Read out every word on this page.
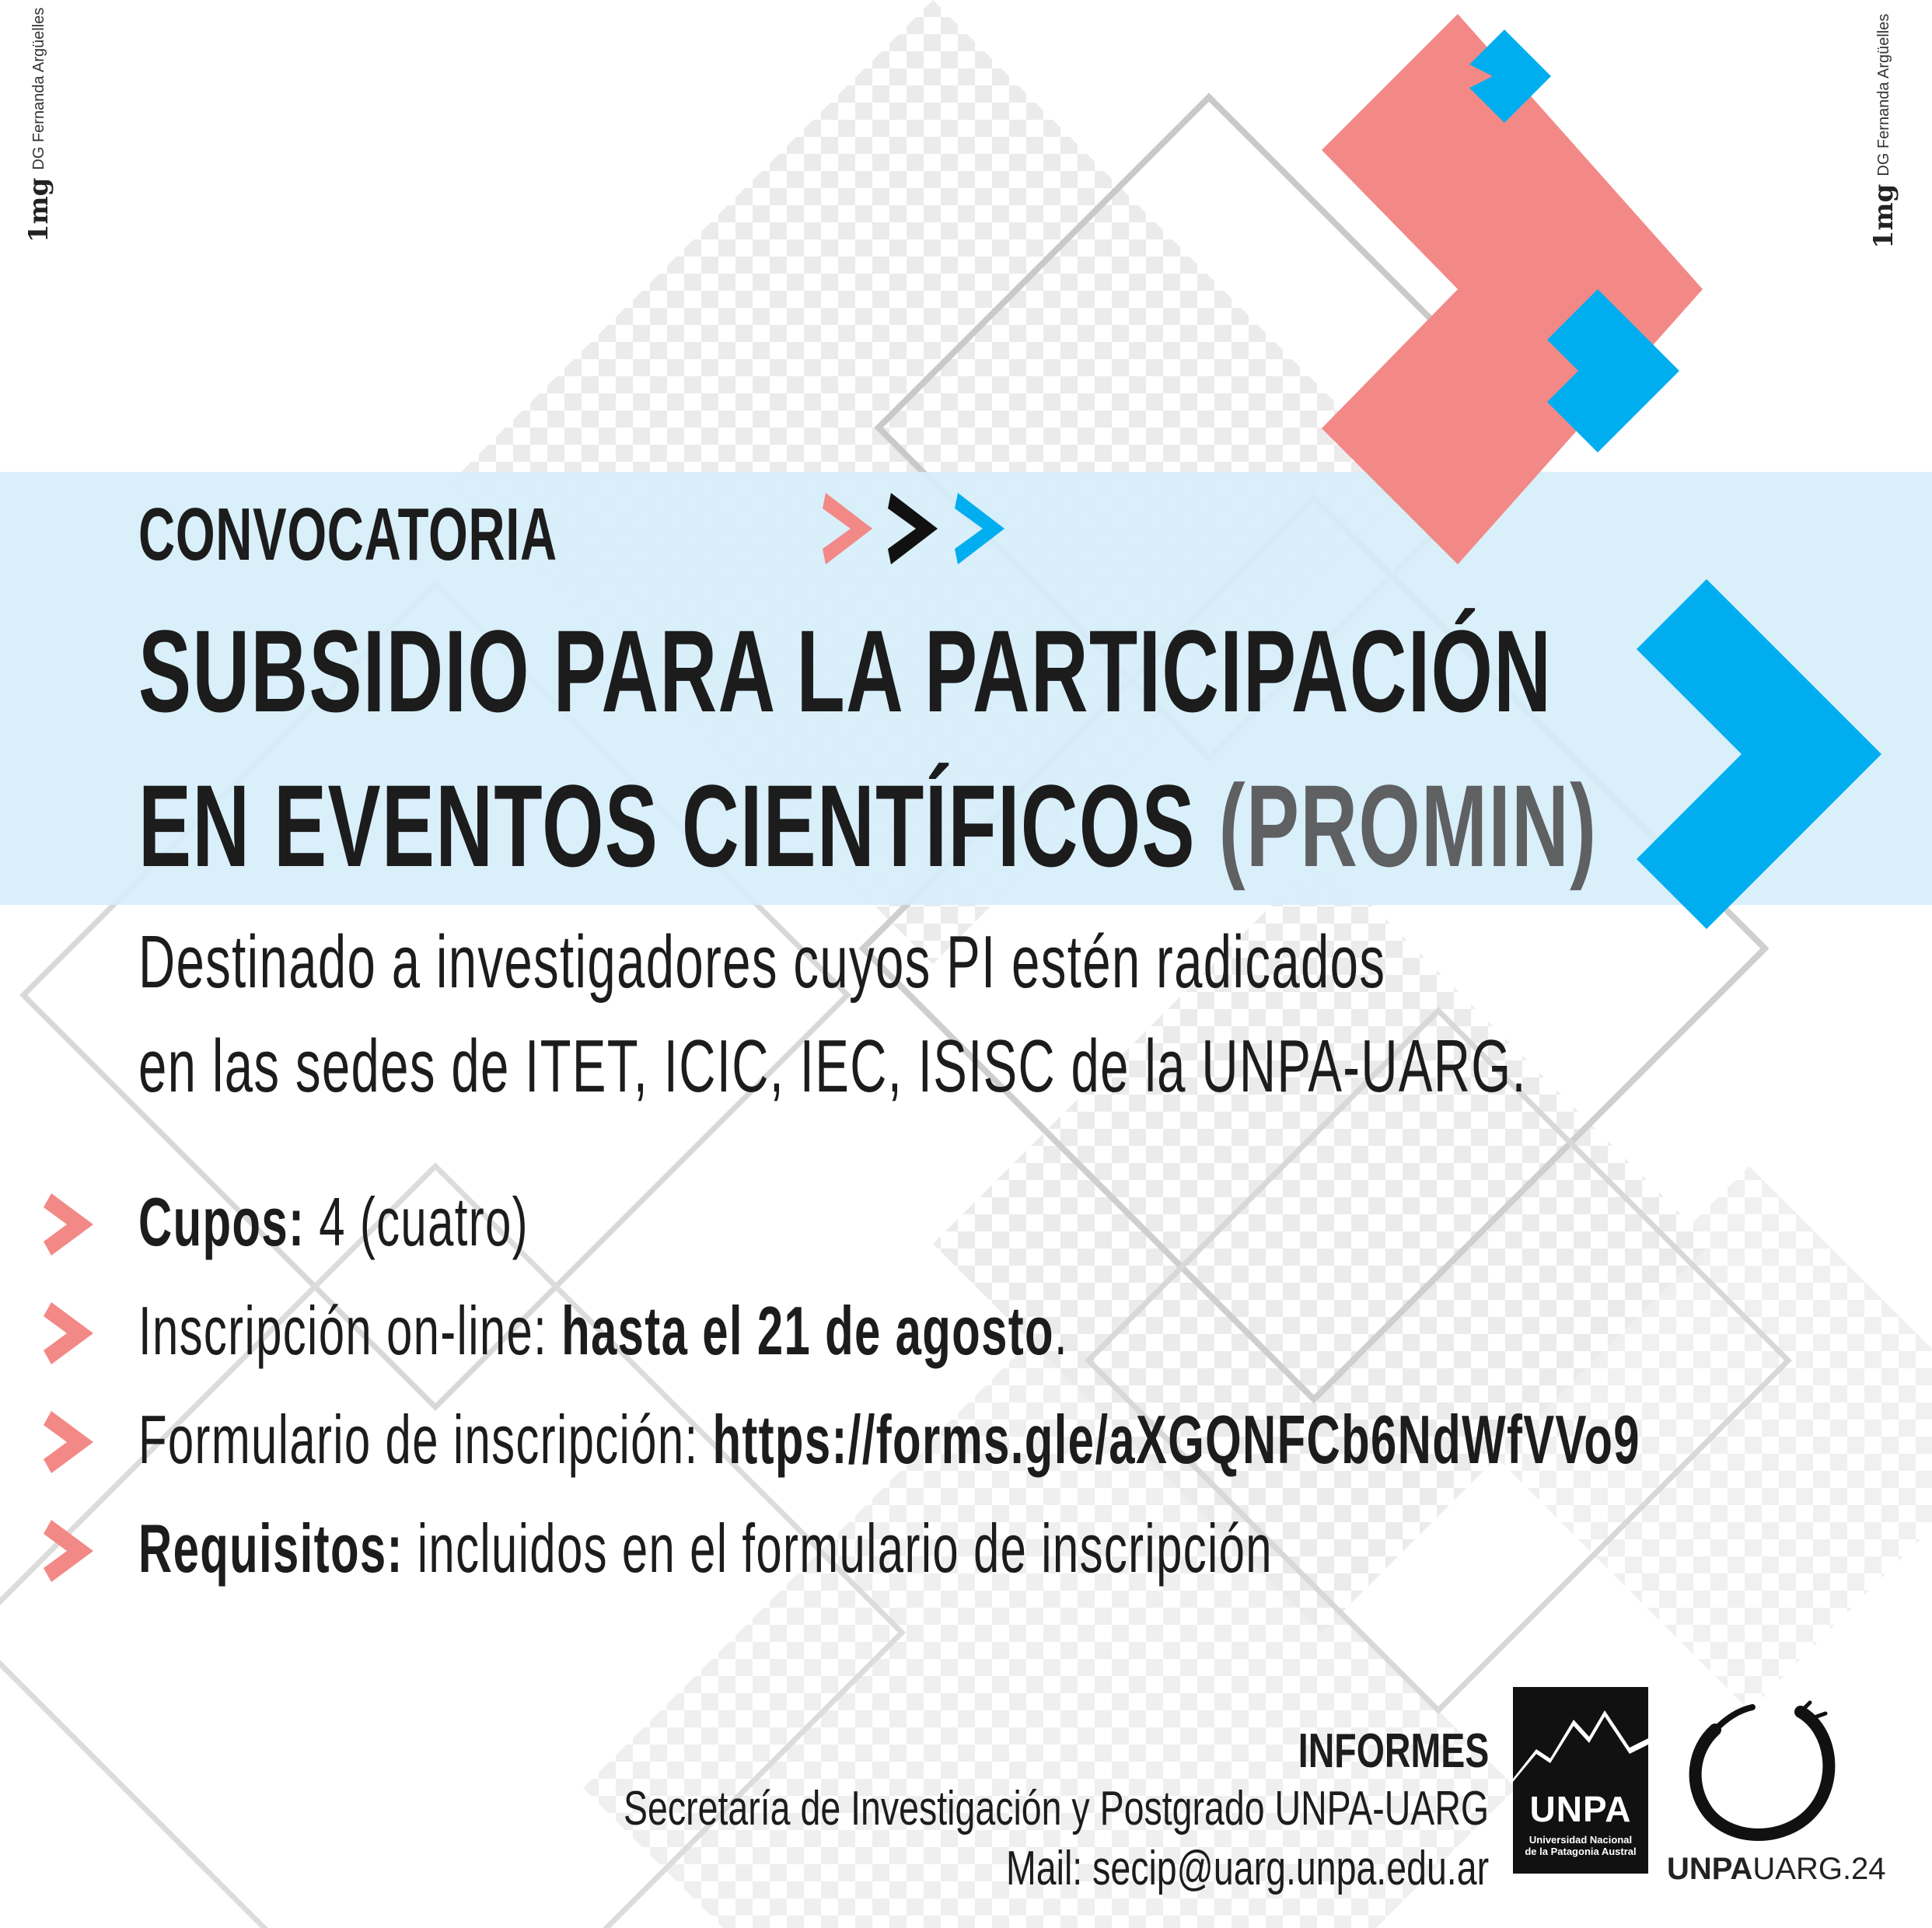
1mg
DG Fernanda Argüelles
1mg
DG Fernanda Argüelles
CONVOCATORIA
SUBSIDIO PARA LA PARTICIPACIÓN
EN EVENTOS CIENTÍFICOS (PROMIN)
Destinado a investigadores cuyos PI estén radicados
en las sedes de ITET, ICIC, IEC, ISISC de la UNPA-UARG.
Cupos: 4 (cuatro)
Inscripción on-line: hasta el 21 de agosto.
Formulario de inscripción: https://forms.gle/aXGQNFCb6NdWfVVo9
Requisitos: incluidos en el formulario de inscripción
INFORMES
Secretaría de Investigación y Postgrado UNPA-UARG
Mail: secip@uarg.unpa.edu.ar
UNPA
Universidad Nacional
de la Patagonia Austral
UNPAUARG.24
